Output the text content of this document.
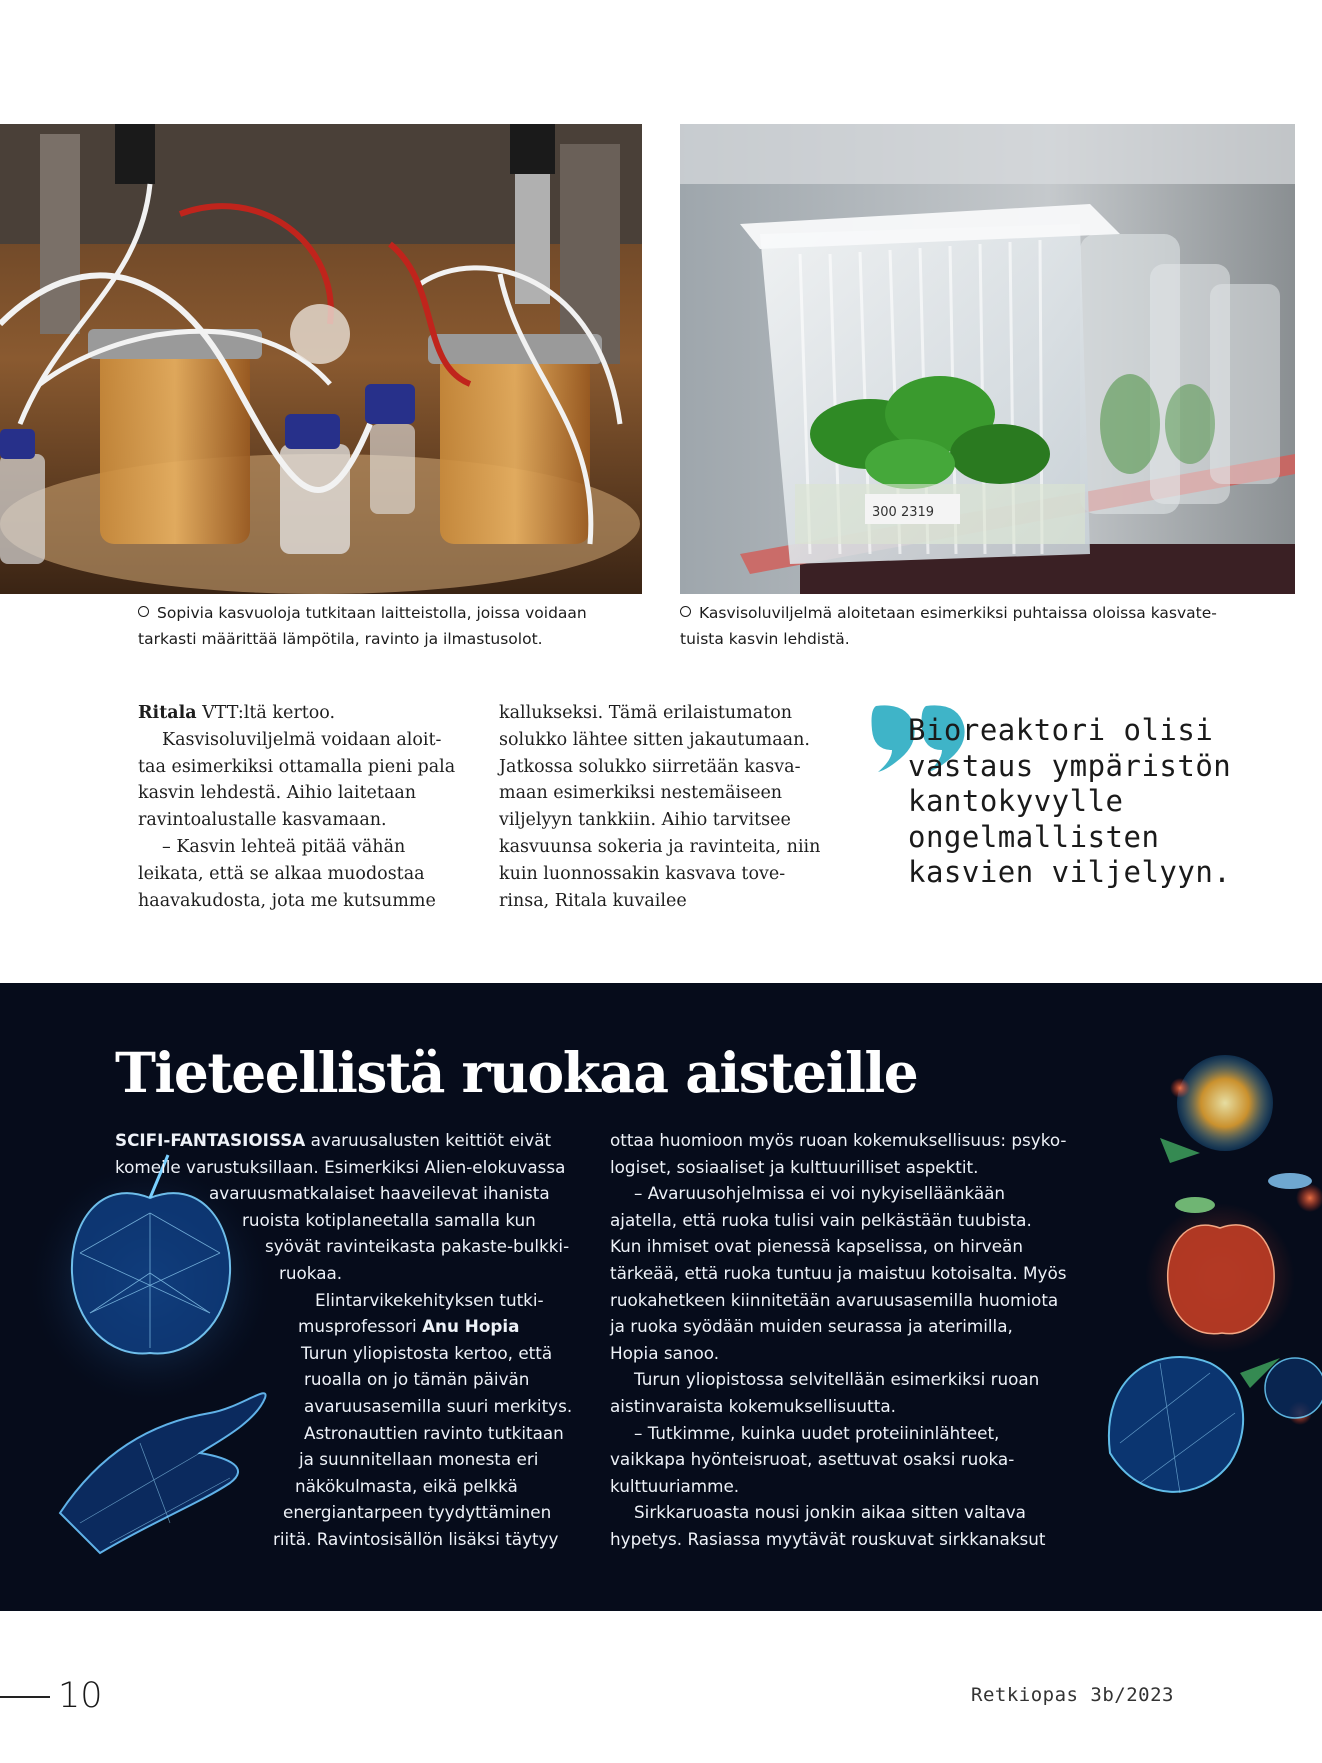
300 2319
Sopivia kasvuoloja tutkitaan laitteistolla, joissa voidaan
tarkasti määrittää lämpötila, ravinto ja ilmastusolot.
Kasvisoluviljelmä aloitetaan esimerkiksi puhtaissa oloissa kasvate-
tuista kasvin lehdistä.

Ritala VTT:ltä kertoo.

Kasvisoluviljelmä voidaan aloit-

taa esimerkiksi ottamalla pieni pala

kasvin lehdestä. Aihio laitetaan

ravintoalustalle kasvamaan.

– Kasvin lehteä pitää vähän

leikata, että se alkaa muodostaa

haavakudosta, jota me kutsumme

kallukseksi. Tämä erilaistumaton

solukko lähtee sitten jakautumaan.

Jatkossa solukko siirretään kasva-

maan esimerkiksi nestemäiseen

viljelyyn tankkiin. Aihio tarvitsee

kasvuunsa sokeria ja ravinteita, niin

kuin luonnossakin kasvava tove-

rinsa, Ritala kuvailee

Bioreaktori olisi
vastaus ympäristön
kantokyvylle
ongelmallisten
kasvien viljelyyn.
Tieteellistä ruokaa aisteille
SCIFI-FANTASIOISSA avaruusalusten keittiöt eivät
komeile varustuksillaan. Esimerkiksi Alien-elokuvassa
avaruusmatkalaiset haaveilevat ihanista
ruoista kotiplaneetalla samalla kun
syövät ravinteikasta pakaste-bulkki-
ruokaa.
Elintarvikekehityksen tutki-
musprofessori Anu Hopia
Turun yliopistosta kertoo, että
ruoalla on jo tämän päivän
avaruusasemilla suuri merkitys.
Astronauttien ravinto tutkitaan
ja suunnitellaan monesta eri
näkökulmasta, eikä pelkkä
energiantarpeen tyydyttäminen
riitä. Ravintosisällön lisäksi täytyy
ottaa huomioon myös ruoan kokemuksellisuus: psyko-
logiset, sosiaaliset ja kulttuurilliset aspektit.
– Avaruusohjelmissa ei voi nykyiselläänkään
ajatella, että ruoka tulisi vain pelkästään tuubista.
Kun ihmiset ovat pienessä kapselissa, on hirveän
tärkeää, että ruoka tuntuu ja maistuu kotoisalta. Myös
ruokahetkeen kiinnitetään avaruusasemilla huomiota
ja ruoka syödään muiden seurassa ja aterimilla,
Hopia sanoo.
Turun yliopistossa selvitellään esimerkiksi ruoan
aistinvaraista kokemuksellisuutta.
– Tutkimme, kuinka uudet proteiininlähteet,
vaikkapa hyönteisruoat, asettuvat osaksi ruoka-
kulttuuriamme.
Sirkkaruoasta nousi jonkin aikaa sitten valtava
hypetys. Rasiassa myytävät rouskuvat sirkkanaksut
10	Retkiopas 3b/2023
